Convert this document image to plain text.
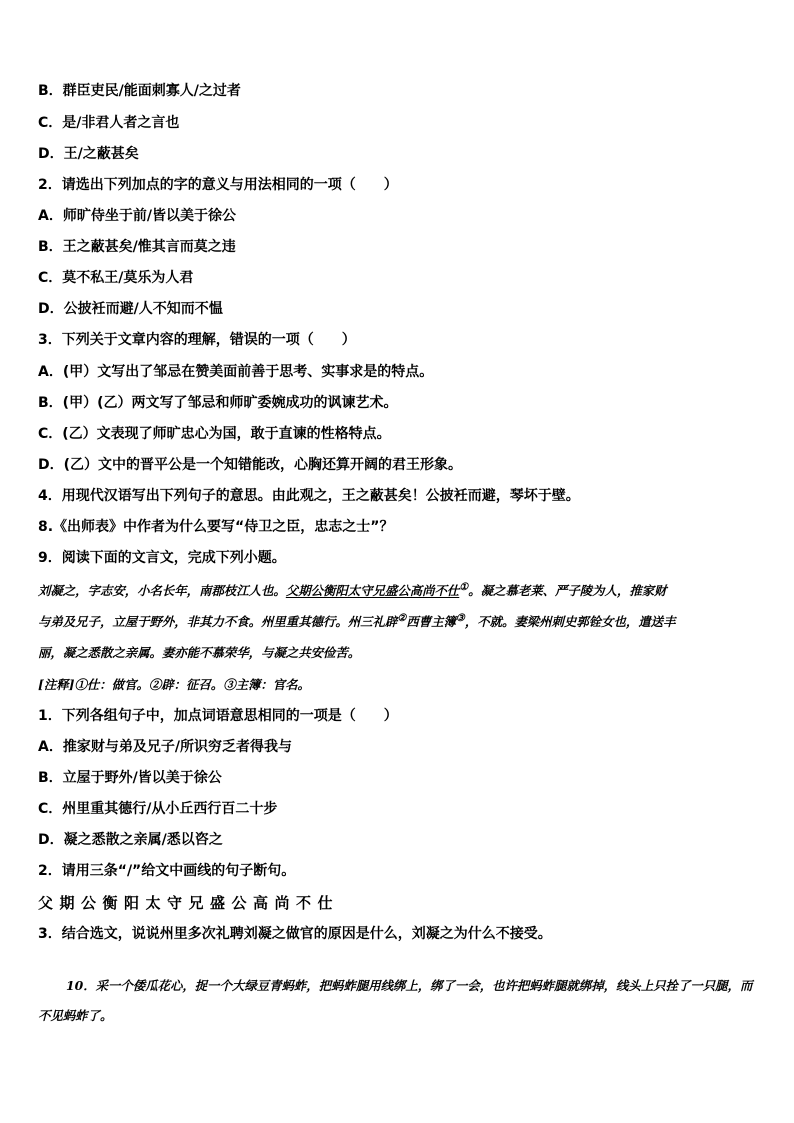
B．群臣吏民/能面刺寡人/之过者
C．是/非君人者之言也
D．王/之蔽甚矣
2．请选出下列加点的字的意义与用法相同的一项（　　）
A．师旷侍坐于前/皆以美于徐公
B．王之蔽甚矣/惟其言而莫之违
C．莫不私王/莫乐为人君
D．公披衽而避/人不知而不愠
3．下列关于文章内容的理解，错误的一项（　　）
A．(甲）文写出了邹忌在赞美面前善于思考、实事求是的特点。
B．(甲）(乙）两文写了邹忌和师旷委婉成功的讽谏艺术。
C．(乙）文表现了师旷忠心为国，敢于直谏的性格特点。
D．(乙）文中的晋平公是一个知错能改，心胸还算开阔的君王形象。
4．用现代汉语写出下列句子的意思。由此观之，王之蔽甚矣！公披衽而避，琴坏于壁。
8.《出师表》中作者为什么要写“侍卫之臣，忠志之士”？
9．阅读下面的文言文，完成下列小题。
刘凝之，字志安，小名长年，南郡枝江人也。父期公衡阳太守兄盛公高尚不仕①。凝之慕老莱、严子陵为人，推家财
与弟及兄子，立屋于野外，非其力不食。州里重其德行。州三礼辟②西曹主簿③，不就。妻梁州刺史郭铨女也，遣送丰
丽，凝之悉散之亲属。妻亦能不慕荣华，与凝之共安俭苦。
[注释]①仕：做官。②辟：征召。③主簿：官名。
1．下列各组句子中，加点词语意思相同的一项是（　　）
A．推家财与弟及兄子/所识穷乏者得我与
B．立屋于野外/皆以美于徐公
C．州里重其德行/从小丘西行百二十步
D．凝之悉散之亲属/悉以咨之
2．请用三条“/”给文中画线的句子断句。
父期公衡阳太守兄盛公高尚不仕
3．结合选文，说说州里多次礼聘刘凝之做官的原因是什么，刘凝之为什么不接受。
10．采一个倭瓜花心，捉一个大绿豆青蚂蚱，把蚂蚱腿用线绑上，绑了一会，也许把蚂蚱腿就绑掉，线头上只拴了一只腿，而不见蚂蚱了。
